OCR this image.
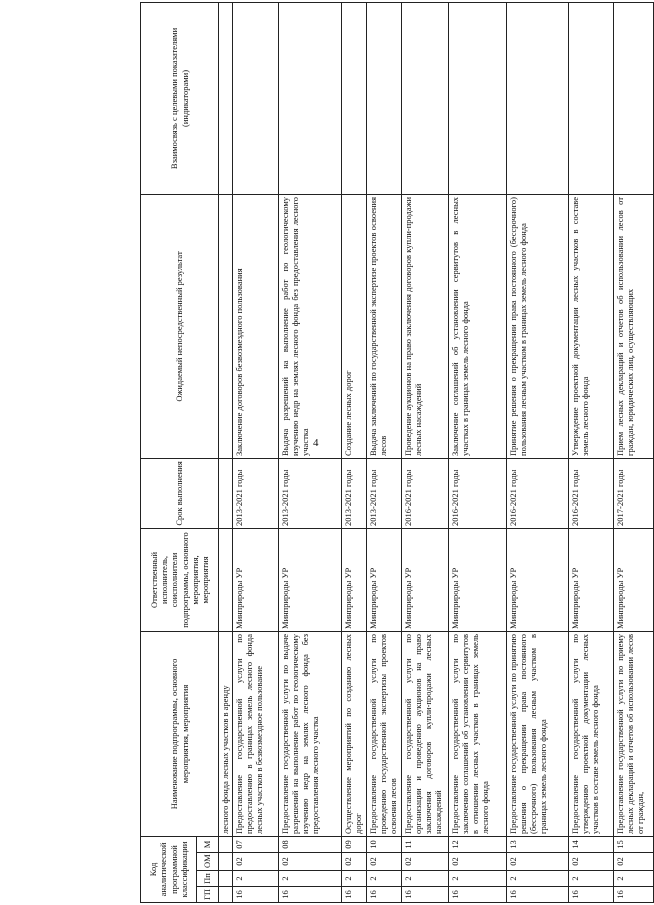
4
Код аналитической программной классификации				Наименование подпрограммы, основного мероприятия, мероприятия	Ответственный исполнитель, соисполнители подпрограммы, основного мероприятия, мероприятия	Срок выполнения	Ожидаемый непосредственный результат	Взаимосвязь с целевыми показателями (индикаторами)
ГП	Пп	ОМ	М					
				лесного фонда лесных участков в аренду				
16	2	02	07	Предоставление государственной услуги по предоставлению в границах земель лесного фонда лесных участков в безвозмездное пользование	Минприроды УР	2013-2021 годы	Заключение договоров безвозмездного пользования	
16	2	02	08	Предоставление государственной услуги по выдаче разрешений на выполнение работ по геологическому изучению недр на землях лесного фонда без предоставления лесного участка	Минприроды УР	2013-2021 годы	Выдача разрешений на выполнение работ по геологическому изучению недр на землях лесного фонда без предоставления лесного участка	
16	2	02	09	Осуществление мероприятий по созданию лесных дорог	Минприроды УР	2013-2021 годы	Создание лесных дорог	
16	2	02	10	Предоставление государственной услуги по проведению государственной экспертизы проектов освоения лесов	Минприроды УР	2013-2021 годы	Выдача заключений по государственной экспертизе проектов освоения лесов	
16	2	02	11	Предоставление государственной услуги по организации и проведению аукционов на право заключения договоров купли-продажи лесных насаждений	Минприроды УР	2016-2021 годы	Проведение аукционов на право заключения договоров купли-продажи лесных насаждений	
16	2	02	12	Предоставление государственной услуги по заключению соглашений об установлении сервитутов в отношении лесных участков в границах земель лесного фонда	Минприроды УР	2016-2021 годы	Заключение соглашений об установлении сервитутов в лесных участках в границах земель лесного фонда	
16	2	02	13	Предоставление государственной услуги по принятию решения о прекращении права постоянного (бессрочного) пользования лесным участком в границах земель лесного фонда	Минприроды УР	2016-2021 годы	Принятие решения о прекращении права постоянного (бессрочного) пользования лесным участком в границах земель лесного фонда	
16	2	02	14	Предоставление государственной услуги по утверждению проектной документации лесных участков в составе земель лесного фонда	Минприроды УР	2016-2021 годы	Утверждение проектной документации лесных участков в составе земель лесного фонда	
16	2	02	15	Предоставление государственной услуги по приему лесных деклараций и отчетов об использовании лесов от граждан,	Минприроды УР	2017-2021 годы	Прием лесных деклараций и отчетов об использовании лесов от граждан, юридических лиц, осуществляющих	
